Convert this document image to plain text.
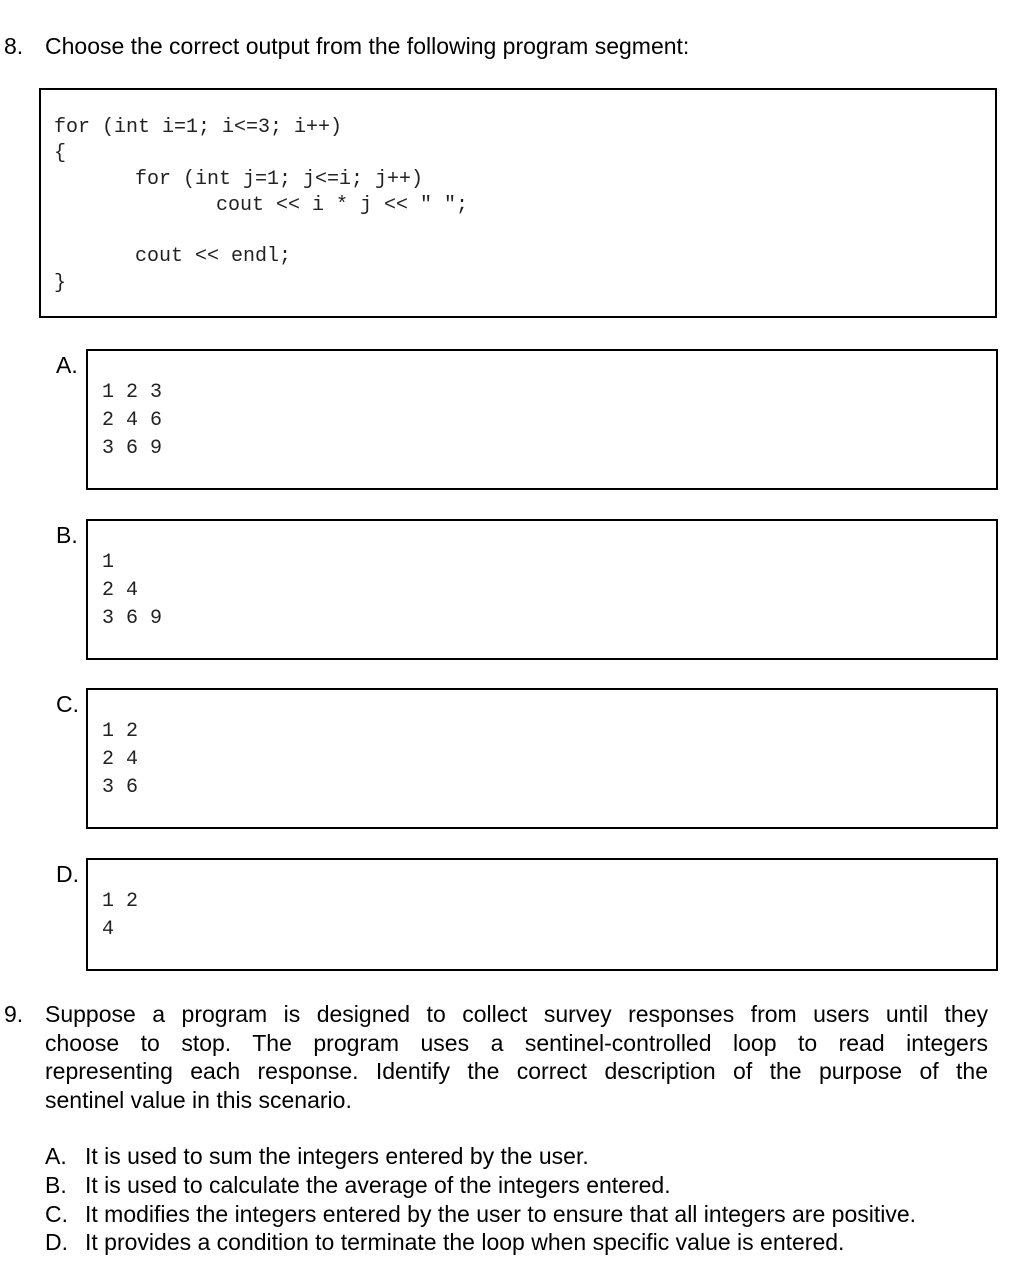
8. Choose the correct output from the following program segment:
for (int i=1; i<=3; i++)
{
for (int j=1; j<=i; j++)
cout << i * j << " ";
cout << endl;
}
A.
1 2 3
2 4 6
3 6 9
B.
1
2 4
3 6 9
C.
1 2
2 4
3 6
D.
1 2
4
9. Suppose a program is designed to collect survey responses from users until they
choose to stop. The program uses a sentinel-controlled loop to read integers
representing each response. Identify the correct description of the purpose of the
sentinel value in this scenario.
A. It is used to sum the integers entered by the user.
B. It is used to calculate the average of the integers entered.
C. It modifies the integers entered by the user to ensure that all integers are positive.
D. It provides a condition to terminate the loop when specific value is entered.
